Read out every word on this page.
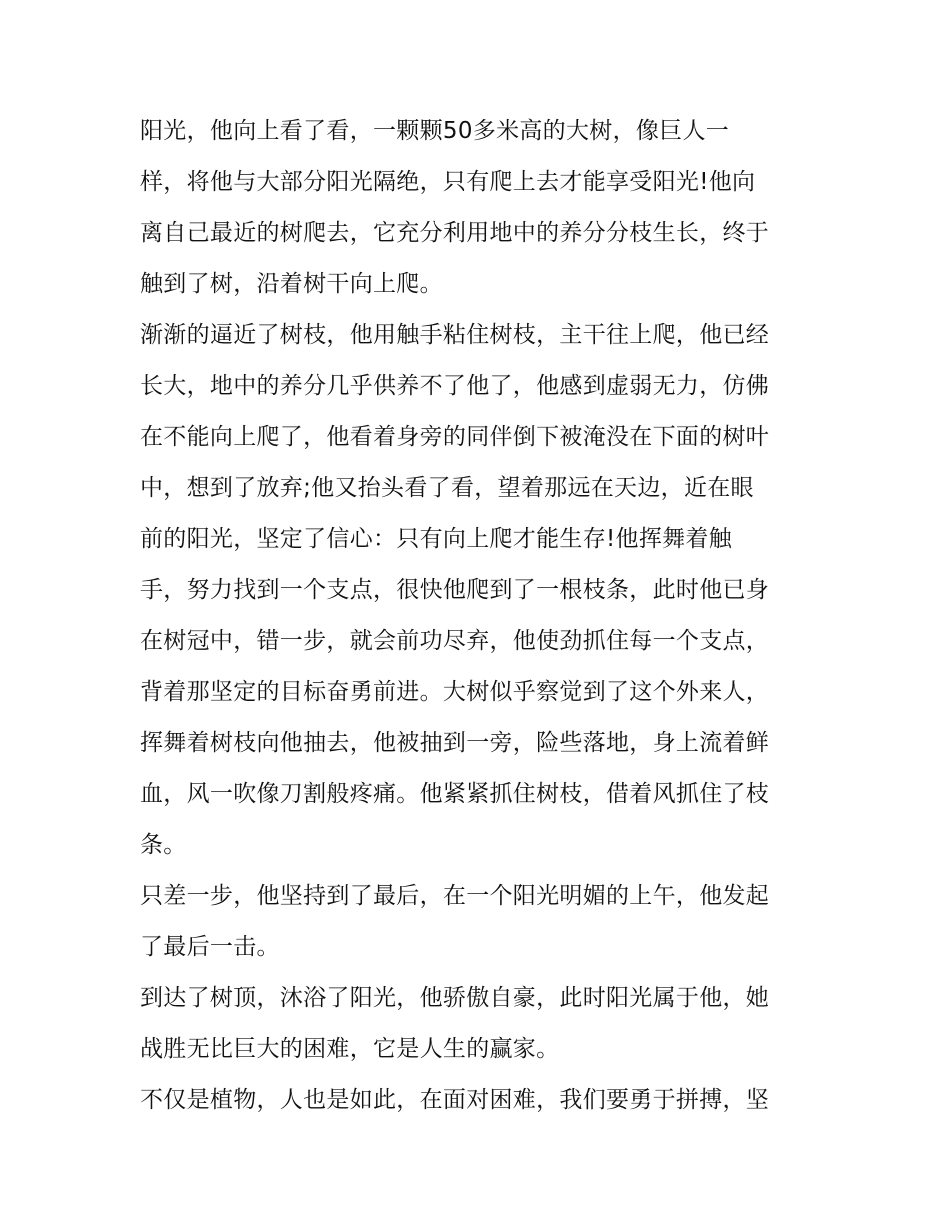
阳光，他向上看了看，一颗颗50多米高的大树，像巨人一
样，将他与大部分阳光隔绝，只有爬上去才能享受阳光!他向
离自己最近的树爬去，它充分利用地中的养分分枝生长，终于
触到了树，沿着树干向上爬。
渐渐的逼近了树枝，他用触手粘住树枝，主干往上爬，他已经
长大，地中的养分几乎供养不了他了，他感到虚弱无力，仿佛
在不能向上爬了，他看着身旁的同伴倒下被淹没在下面的树叶
中，想到了放弃;他又抬头看了看，望着那远在天边，近在眼
前的阳光，坚定了信心：只有向上爬才能生存!他挥舞着触
手，努力找到一个支点，很快他爬到了一根枝条，此时他已身
在树冠中，错一步，就会前功尽弃，他使劲抓住每一个支点，
背着那坚定的目标奋勇前进。大树似乎察觉到了这个外来人，
挥舞着树枝向他抽去，他被抽到一旁，险些落地，身上流着鲜
血，风一吹像刀割般疼痛。他紧紧抓住树枝，借着风抓住了枝
条。
只差一步，他坚持到了最后，在一个阳光明媚的上午，他发起
了最后一击。
到达了树顶，沐浴了阳光，他骄傲自豪，此时阳光属于他，她
战胜无比巨大的困难，它是人生的赢家。
不仅是植物，人也是如此，在面对困难，我们要勇于拼搏，坚
